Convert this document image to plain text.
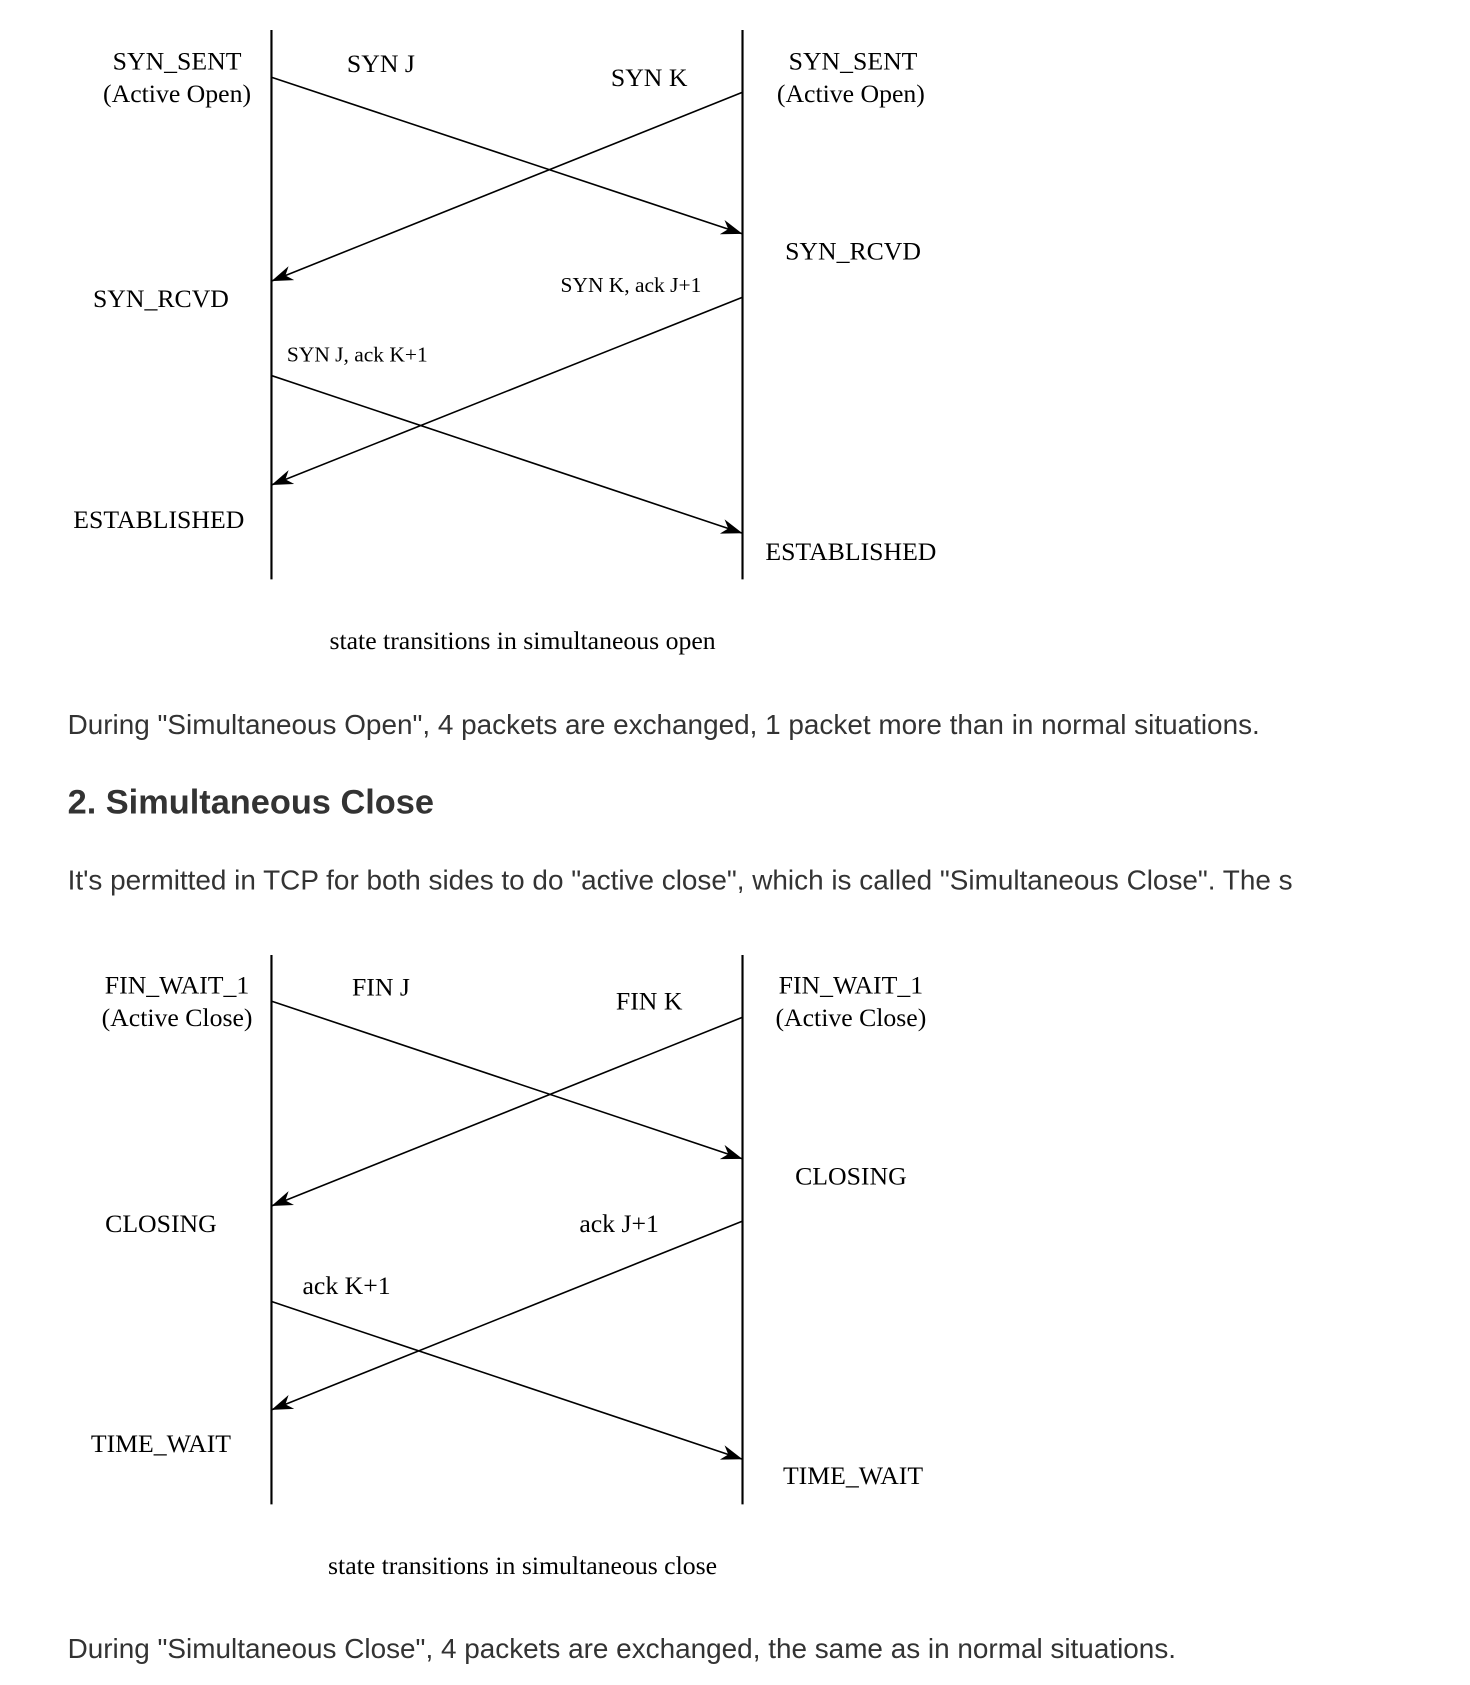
SYN_SENT
(Active Open)
SYN_SENT
(Active Open)
SYN J	SYN K
SYN_RCVD
SYN_RCVD	SYN K, ack J+1
SYN J, ack K+1
ESTABLISHED
ESTABLISHED
state transitions in simultaneous open
During "Simultaneous Open", 4 packets are exchanged, 1 packet more than in normal situations.
2. Simultaneous Close
It's permitted in TCP for both sides to do "active close", which is called "Simultaneous Close". The s
FIN_WAIT_1
(Active Close)
FIN_WAIT_1
(Active Close)
FIN J	FIN K
CLOSING
CLOSING	ack J+1
ack K+1
TIME_WAIT
TIME_WAIT
state transitions in simultaneous close
During "Simultaneous Close", 4 packets are exchanged, the same as in normal situations.
